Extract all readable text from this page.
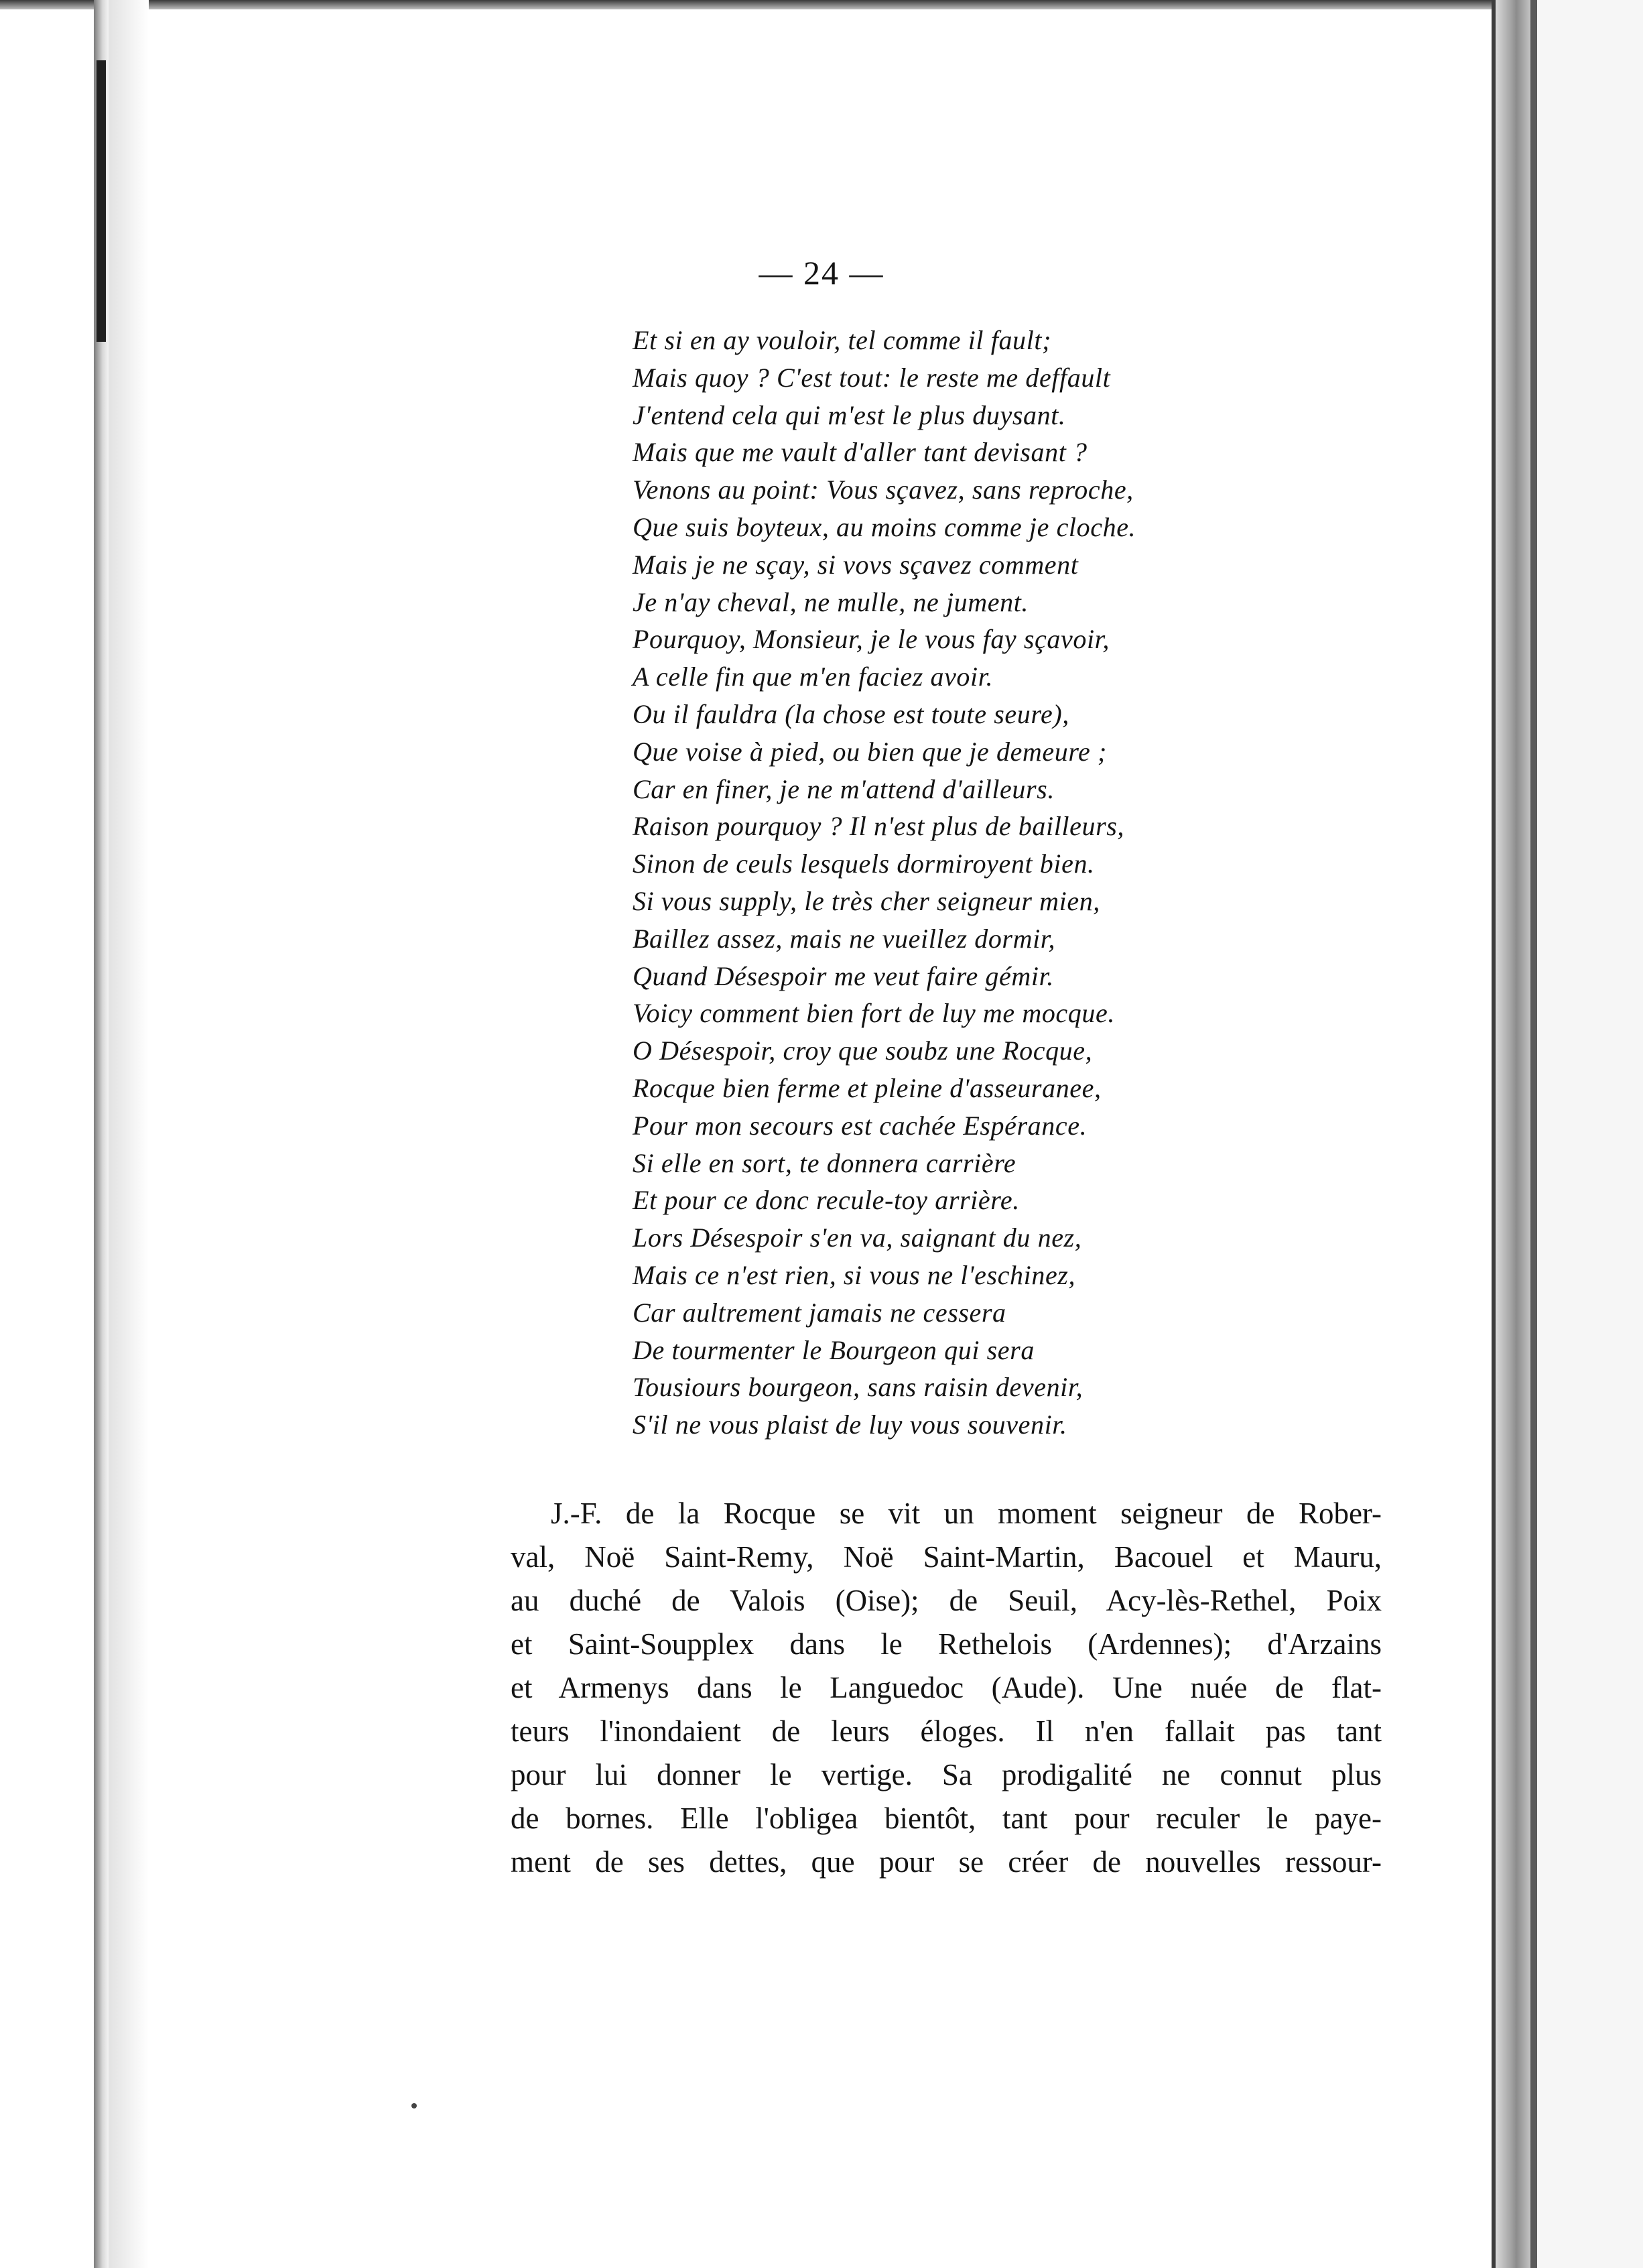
— 24 —
Et si en ay vouloir, tel comme il fault;
Mais quoy ? C'est tout: le reste me deffault
J'entend cela qui m'est le plus duysant.
Mais que me vault d'aller tant devisant ?
Venons au point: Vous sçavez, sans reproche,
Que suis boyteux, au moins comme je cloche.
Mais je ne sçay, si vovs sçavez comment
Je n'ay cheval, ne mulle, ne jument.
Pourquoy, Monsieur, je le vous fay sçavoir,
A celle fin que m'en faciez avoir.
Ou il fauldra (la chose est toute seure),
Que voise à pied, ou bien que je demeure ;
Car en finer, je ne m'attend d'ailleurs.
Raison pourquoy ? Il n'est plus de bailleurs,
Sinon de ceuls lesquels dormiroyent bien.
Si vous supply, le très cher seigneur mien,
Baillez assez, mais ne vueillez dormir,
Quand Désespoir me veut faire gémir.
Voicy comment bien fort de luy me mocque.
O Désespoir, croy que soubz une Rocque,
Rocque bien ferme et pleine d'asseuranee,
Pour mon secours est cachée Espérance.
Si elle en sort, te donnera carrière
Et pour ce donc recule-toy arrière.
Lors Désespoir s'en va, saignant du nez,
Mais ce n'est rien, si vous ne l'eschinez,
Car aultrement jamais ne cessera
De tourmenter le Bourgeon qui sera
Tousiours bourgeon, sans raisin devenir,
S'il ne vous plaist de luy vous souvenir.
J.-F. de la Rocque se vit un moment seigneur de Rober-
val, Noë Saint-Remy, Noë Saint-Martin, Bacouel et Mauru,
au duché de Valois (Oise); de Seuil, Acy-lès-Rethel, Poix
et Saint-Soupplex dans le Rethelois (Ardennes); d'Arzains
et Armenys dans le Languedoc (Aude). Une nuée de flat-
teurs l'inondaient de leurs éloges. Il n'en fallait pas tant
pour lui donner le vertige. Sa prodigalité ne connut plus
de bornes. Elle l'obligea bientôt, tant pour reculer le paye-
ment de ses dettes, que pour se créer de nouvelles ressour-
